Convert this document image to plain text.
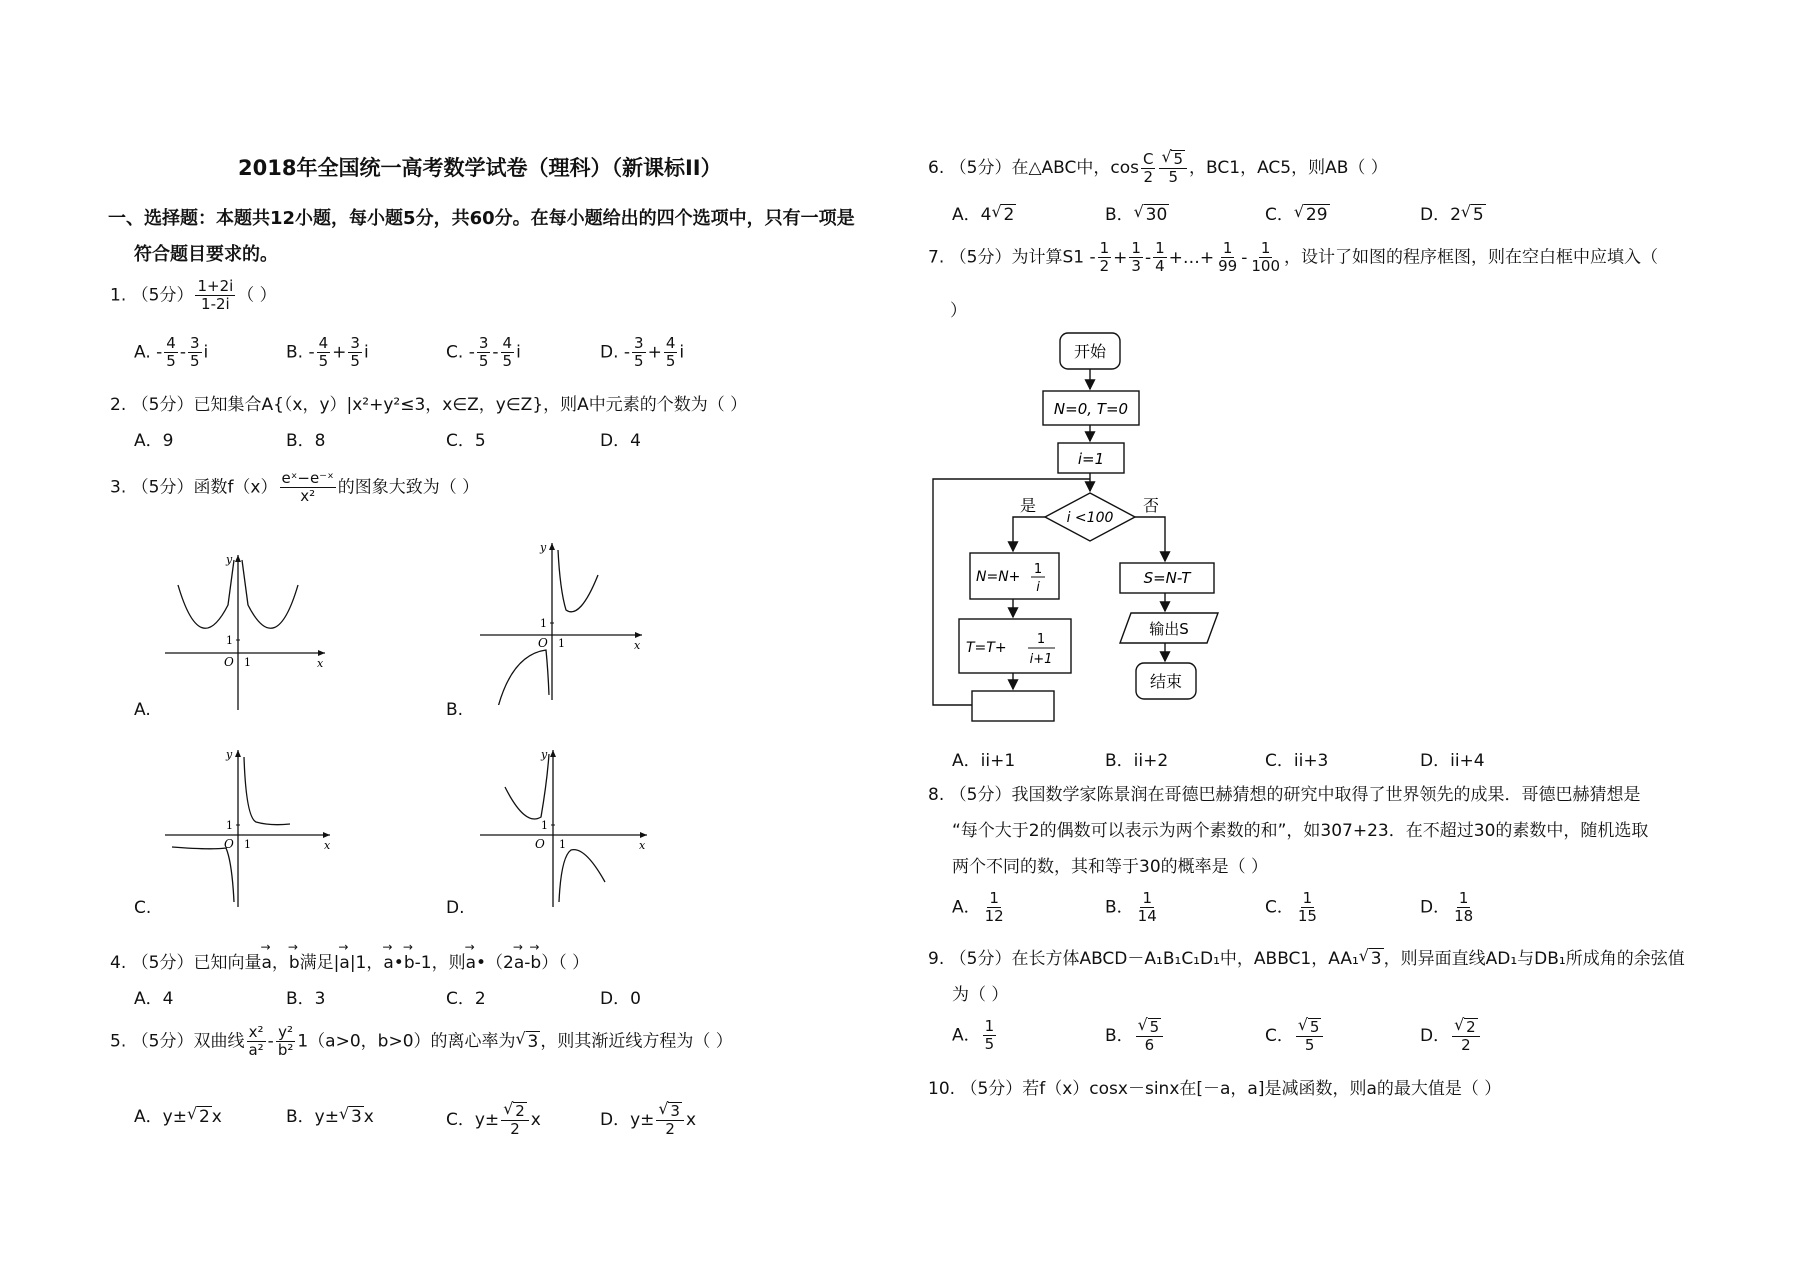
2018年全国统一高考数学试卷（理科）（新课标II）
一、选择题：本题共12小题，每小题5分，共60分。在每小题给出的四个选项中，只有一项是
符合题目要求的。
1. （5分） $\frac{1+2i}{1-2i}$ （ ）
A. - $\frac{4}{5} - \frac{3}{5}$ i	B. - $\frac{4}{5} + \frac{3}{5}$ i	C. - $\frac{3}{5} - \frac{4}{5}$ i	D. - $\frac{3}{5} + \frac{4}{5}$ i
2. （5分）已知集合A{（x，y）|x²+y²≤3，x∈Z，y∈Z}，则A中元素的个数为（ ）
A．9	B．8	C．5	D．4
3. （5分）函数$f(x) \frac{\text{eˣ−e⁻ˣ}}{\text{x²}}$ 的图象大致为（ ）
1
1
O	x
y
A.
1
1
O	x
y
B.
1
1
O	x
y
C.
1
1
O	x
y
D.
4. （5分）已知向量→ a，→ b满足|→ a|1，→ a•→ b-1，则→ a•（2→ a-→ b）（ ）
A．4	B．3	C．2	D．0
5. （5分）双曲线 $\frac{\text{x²}}{\text{a²}} - \frac{\text{y²}}{\text{b²}} 1(a>0$，b>0）的离心率为 √ 3 ，则其渐近线方程为（ ）
A．y± √ 2 x	B．y± √ 3 x	C．y± √ $\frac{2}{2}$ x	D．y± √ $\frac{3}{2}$ x
6. （5分）在△ABC中，$\cos \frac{C}{2}$ √ $\frac{5}{5}$ ，BC1，AC5，则AB（ ）
A．4 √ 2	B． √ 30	C． √ 29	D．2 √ 5
7. （5分）为计算$S1 - \frac{1}{2} + \frac{1}{3} - \frac{1}{4}$ +…+ $\frac{1}{99} - \frac{1}{100}$ ，设计了如图的程序框图，则在空白框中应填入（
）
开始
N=0, T=0
i=1
i <100
是	否
N=N+ 1
i
T=T+
1
i+1
S=N-T
输出S
结束
A．ii+1	B．ii+2	C．ii+3	D．ii+4
8. （5分）我国数学家陈景润在哥德巴赫猜想的研究中取得了世界领先的成果．哥德巴赫猜想是
“每个大于2的偶数可以表示为两个素数的和”，如307+23．在不超过30的素数中，随机选取
两个不同的数，其和等于30的概率是（ ）
A． $\frac{1}{12}$	B． $\frac{1}{14}$	C． $\frac{1}{15}$	D． $\frac{1}{18}$
9. （5分）在长方体ABCD－A₁B₁C₁D₁中，ABBC1，AA₁ √ 3 ，则异面直线AD₁与DB₁所成角的余弦值
为（ ）
A． $\frac{1}{5}$	B． √ $\frac{5}{6}$	C． √ $\frac{5}{5}$	D． √ $\frac{2}{2}$
10. （5分）若f（x）cosx－sinx在[－a，a]是减函数，则a的最大值是（ ）
